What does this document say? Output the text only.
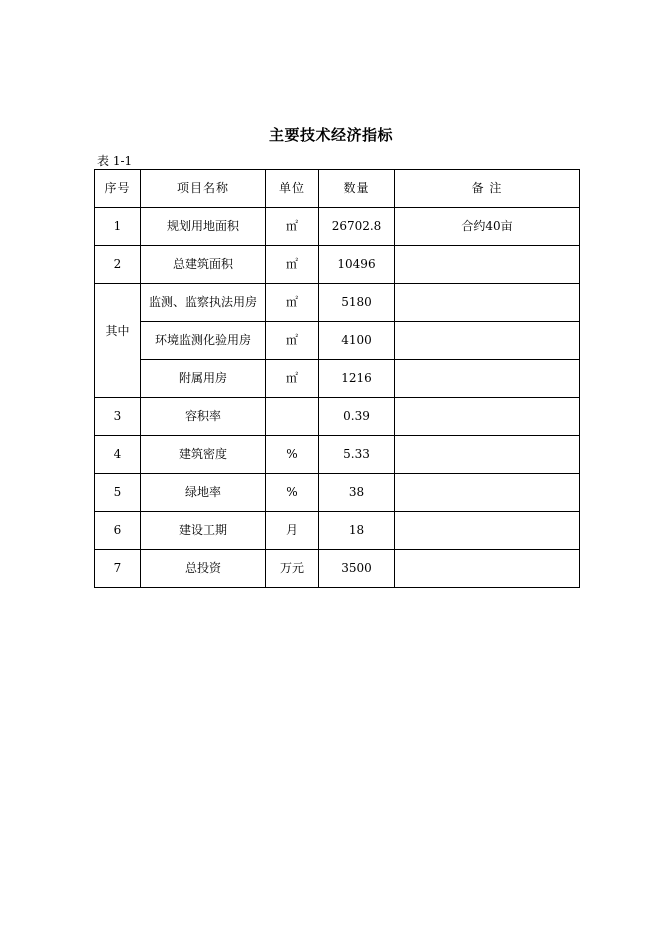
主要技术经济指标
表 1-1
序号	项目名称	单位	数量	备 注
1	规划用地面积	㎡	26702.8	合约40亩
2	总建筑面积	㎡	10496	
其中	监测、监察执法用房	㎡	5180	
	环境监测化验用房	㎡	4100	
	附属用房	㎡	1216	
3	容积率		0.39	
4	建筑密度	%	5.33	
5	绿地率	%	38	
6	建设工期	月	18	
7	总投资	万元	3500	
